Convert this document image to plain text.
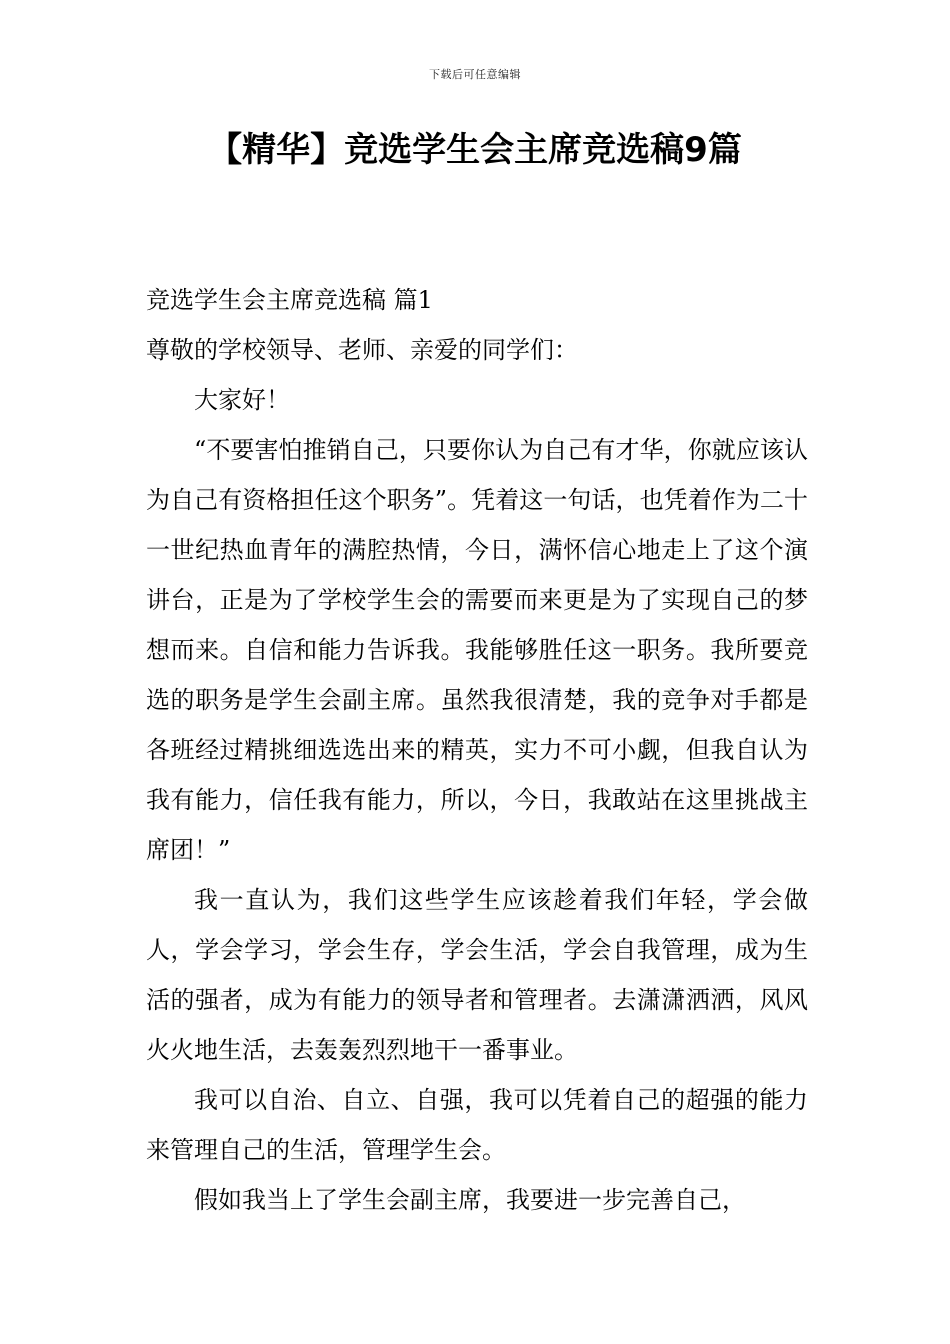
下载后可任意编辑
【精华】竞选学生会主席竞选稿9篇

竞选学生会主席竞选稿 篇1

尊敬的学校领导、老师、亲爱的同学们：

大家好！

“不要害怕推销自己，只要你认为自己有才华，你就应该认为自己有资格担任这个职务”。凭着这一句话，也凭着作为二十一世纪热血青年的满腔热情，今日，满怀信心地走上了这个演讲台，正是为了学校学生会的需要而来更是为了实现自己的梦想而来。自信和能力告诉我。我能够胜任这一职务。我所要竞选的职务是学生会副主席。虽然我很清楚，我的竞争对手都是各班经过精挑细选选出来的精英，实力不可小觑，但我自认为我有能力，信任我有能力，所以，今日，我敢站在这里挑战主席团！”

我一直认为，我们这些学生应该趁着我们年轻，学会做人，学会学习，学会生存，学会生活，学会自我管理，成为生活的强者，成为有能力的领导者和管理者。去潇潇洒洒，风风火火地生活，去轰轰烈烈地干一番事业。

我可以自治、自立、自强，我可以凭着自己的超强的能力来管理自己的生活，管理学生会。

假如我当上了学生会副主席，我要进一步完善自己，
